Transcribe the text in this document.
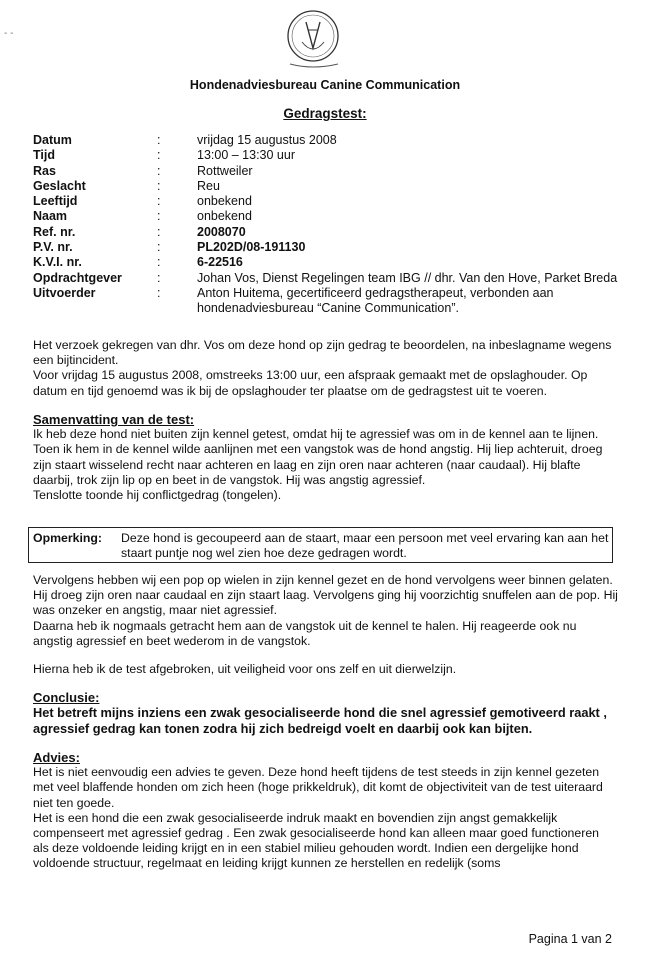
- -
Hondenadviesbureau Canine Communication
Gedragstest:
Datum	:	vrijdag 15 augustus 2008
Tijd	:	13:00 – 13:30 uur
Ras	:	Rottweiler
Geslacht	:	Reu
Leeftijd	:	onbekend
Naam	:	onbekend
Ref. nr.	:	2008070
P.V. nr.	:	PL202D/08-191130
K.V.I. nr.	:	6-22516
Opdrachtgever	:	Johan Vos, Dienst Regelingen team IBG // dhr. Van den Hove, Parket Breda
Uitvoerder	:	Anton Huitema, gecertificeerd gedragstherapeut, verbonden aan hondenadviesbureau “Canine Communication”.

Het verzoek gekregen van dhr. Vos om deze hond op zijn gedrag te beoordelen, na inbeslagname wegens een bijtincident.

Voor vrijdag 15 augustus 2008, omstreeks 13:00 uur, een afspraak gemaakt met de opslaghouder. Op datum en tijd genoemd was ik bij de opslaghouder ter plaatse om de gedragstest uit te voeren.

Samenvatting van de test:

Ik heb deze hond niet buiten zijn kennel getest, omdat hij te agressief was om in de kennel aan te lijnen.

Toen ik hem in de kennel wilde aanlijnen met een vangstok was de hond angstig. Hij liep achteruit, droeg zijn staart wisselend recht naar achteren en laag en zijn oren naar achteren (naar caudaal). Hij blafte daarbij, trok zijn lip op en beet in de vangstok. Hij was angstig agressief.

Tenslotte toonde hij conflictgedrag (tongelen).

Opmerking: Deze hond is gecoupeerd aan de staart, maar een persoon met veel ervaring kan aan het staart puntje nog wel zien hoe deze gedragen wordt.

Vervolgens hebben wij een pop op wielen in zijn kennel gezet en de hond vervolgens weer binnen gelaten. Hij droeg zijn oren naar caudaal en zijn staart laag. Vervolgens ging hij voorzichtig snuffelen aan de pop. Hij was onzeker en angstig, maar niet agressief.

Daarna heb ik nogmaals getracht hem aan de vangstok uit de kennel te halen. Hij reageerde ook nu angstig agressief en beet wederom in de vangstok.

Hierna heb ik de test afgebroken, uit veiligheid voor ons zelf en uit dierwelzijn.

Conclusie:

Het betreft mijns inziens een zwak gesocialiseerde hond die snel agressief gemotiveerd raakt , agressief gedrag kan tonen zodra hij zich bedreigd voelt en daarbij ook kan bijten.

Advies:

Het is niet eenvoudig een advies te geven. Deze hond heeft tijdens de test steeds in zijn kennel gezeten met veel blaffende honden om zich heen (hoge prikkeldruk), dit komt de objectiviteit van de test uiteraard niet ten goede.

Het is een hond die een zwak gesocialiseerde indruk maakt en bovendien zijn angst gemakkelijk compenseert met agressief gedrag . Een zwak gesocialiseerde hond kan alleen maar goed functioneren als deze voldoende leiding krijgt en in een stabiel milieu gehouden wordt. Indien een dergelijke hond voldoende structuur, regelmaat en leiding krijgt kunnen ze herstellen en redelijk (soms

Pagina 1 van 2
